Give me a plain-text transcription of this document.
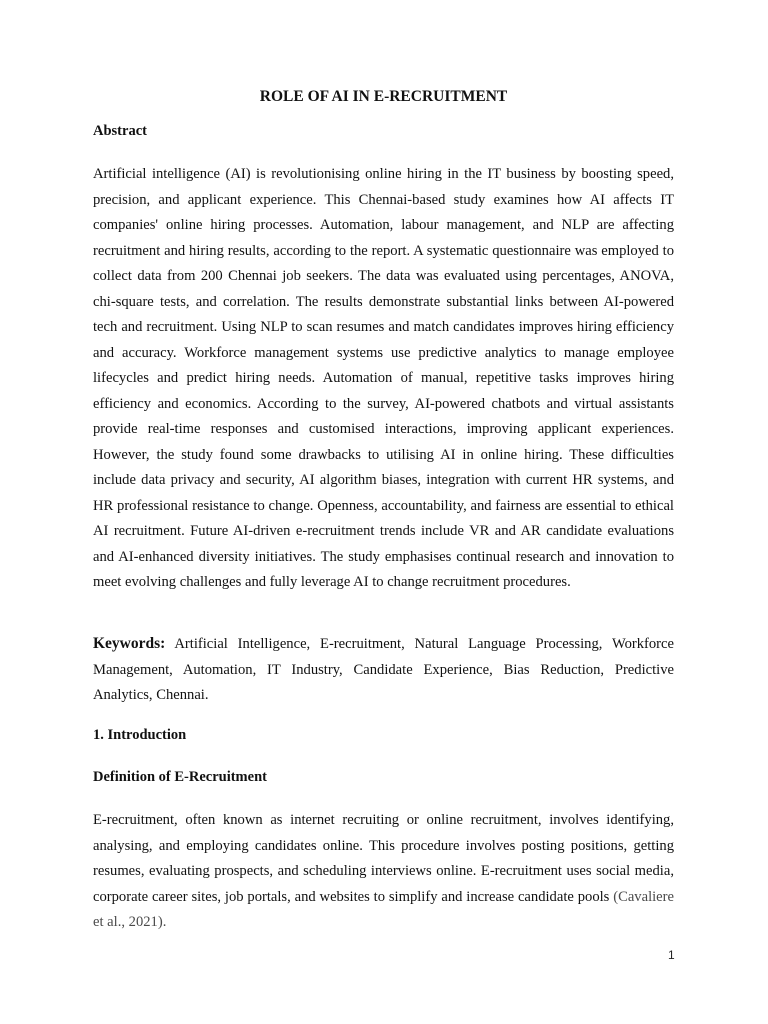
ROLE OF AI IN E-RECRUITMENT
Abstract

Artificial intelligence (AI) is revolutionising online hiring in the IT business by boosting speed, precision, and applicant experience. This Chennai-based study examines how AI affects IT companies' online hiring processes. Automation, labour management, and NLP are affecting recruitment and hiring results, according to the report. A systematic questionnaire was employed to collect data from 200 Chennai job seekers. The data was evaluated using percentages, ANOVA, chi-square tests, and correlation. The results demonstrate substantial links between AI-powered tech and recruitment. Using NLP to scan resumes and match candidates improves hiring efficiency and accuracy. Workforce management systems use predictive analytics to manage employee lifecycles and predict hiring needs. Automation of manual, repetitive tasks improves hiring efficiency and economics. According to the survey, AI-powered chatbots and virtual assistants provide real-time responses and customised interactions, improving applicant experiences. However, the study found some drawbacks to utilising AI in online hiring. These difficulties include data privacy and security, AI algorithm biases, integration with current HR systems, and HR professional resistance to change. Openness, accountability, and fairness are essential to ethical AI recruitment. Future AI-driven e-recruitment trends include VR and AR candidate evaluations and AI-enhanced diversity initiatives. The study emphasises continual research and innovation to meet evolving challenges and fully leverage AI to change recruitment procedures.

Keywords: Artificial Intelligence, E-recruitment, Natural Language Processing, Workforce Management, Automation, IT Industry, Candidate Experience, Bias Reduction, Predictive Analytics, Chennai.

1. Introduction
Definition of E-Recruitment

E-recruitment, often known as internet recruiting or online recruitment, involves identifying, analysing, and employing candidates online. This procedure involves posting positions, getting resumes, evaluating prospects, and scheduling interviews online. E-recruitment uses social media, corporate career sites, job portals, and websites to simplify and increase candidate pools (Cavaliere et al., 2021).

1
